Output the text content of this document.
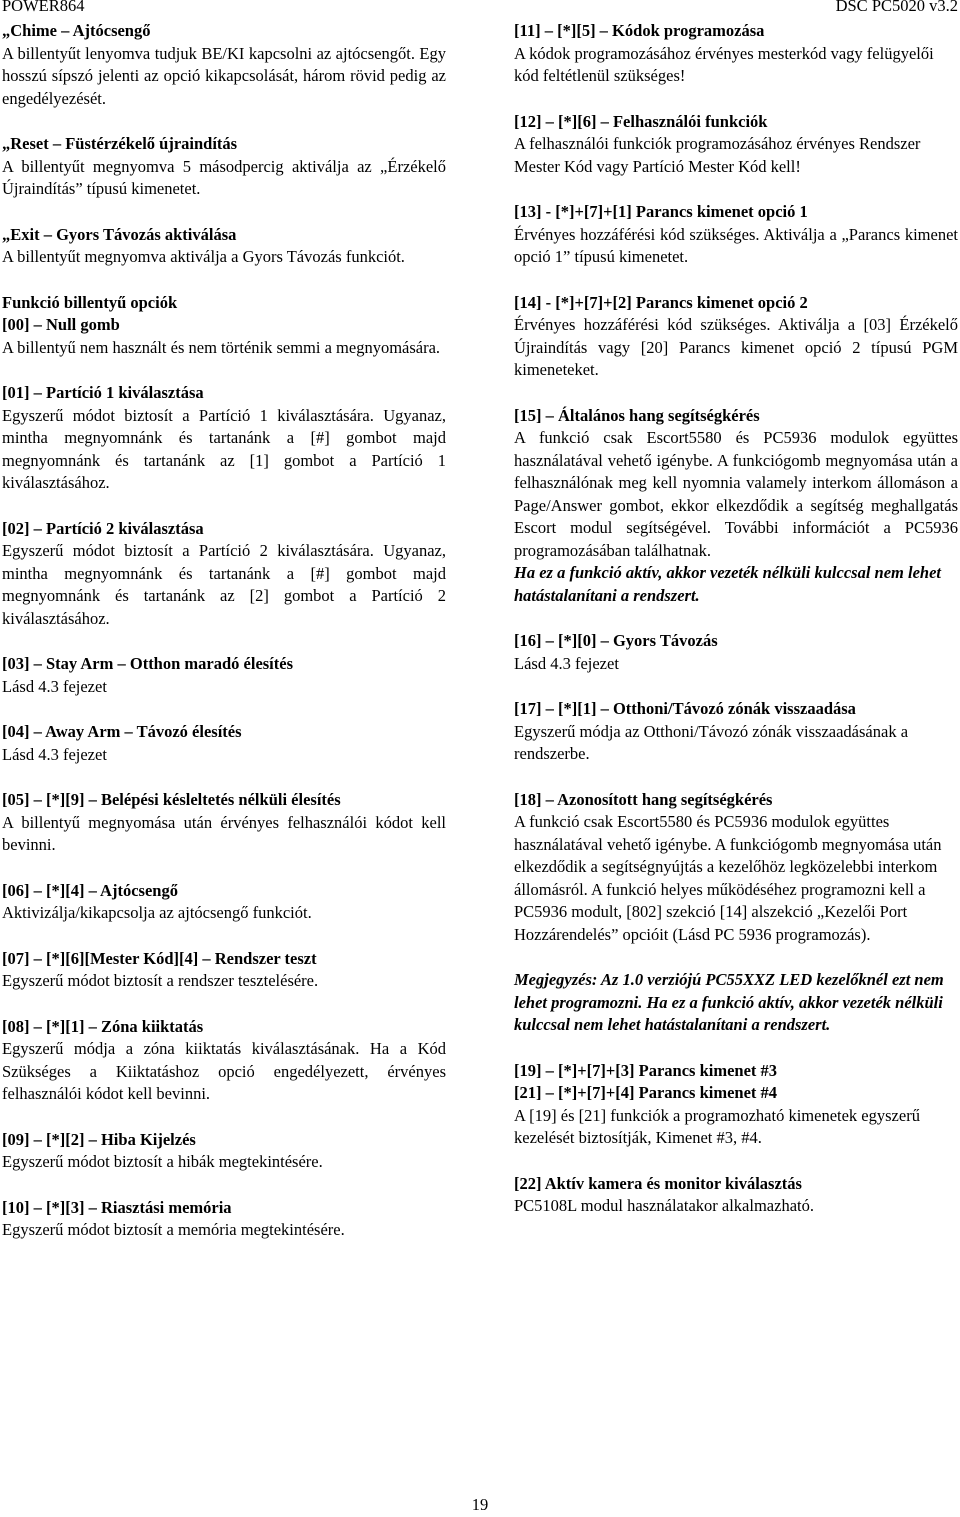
POWER864	DSC PC5020 v3.2
„Chime – Ajtócsengő
A billentyűt lenyomva tudjuk BE/KI kapcsolni az ajtócsengőt. Egy hosszú sípszó jelenti az opció kikapcsolását, három rövid pedig az engedélyezését.
„Reset – Füstérzékelő újraindítás
A billentyűt megnyomva 5 másodpercig aktiválja az „Érzékelő Újraindítás” típusú kimenetet.
„Exit – Gyors Távozás aktiválása
A billentyűt megnyomva aktiválja a Gyors Távozás funkciót.
Funkció billentyű opciók
[00] – Null gomb
A billentyű nem használt és nem történik semmi a megnyomására.
[01] – Partíció 1 kiválasztása
Egyszerű módot biztosít a Partíció 1 kiválasztására. Ugyanaz, mintha megnyomnánk és tartanánk a [#] gombot majd megnyomnánk és tartanánk az [1] gombot a Partíció 1 kiválasztásához.
[02] – Partíció 2 kiválasztása
Egyszerű módot biztosít a Partíció 2 kiválasztására. Ugyanaz, mintha megnyomnánk és tartanánk a [#] gombot majd megnyomnánk és tartanánk az [2] gombot a Partíció 2 kiválasztásához.
[03] – Stay Arm – Otthon maradó élesítés
Lásd 4.3 fejezet
[04] – Away Arm – Távozó élesítés
Lásd 4.3 fejezet
[05] – [*][9] – Belépési késleltetés nélküli élesítés
A billentyű megnyomása után érvényes felhasználói kódot kell bevinni.
[06] – [*][4] – Ajtócsengő
Aktivizálja/kikapcsolja az ajtócsengő funkciót.
[07] – [*][6][Mester Kód][4] – Rendszer teszt
Egyszerű módot biztosít a rendszer tesztelésére.
[08] – [*][1] – Zóna kiiktatás
Egyszerű módja a zóna kiiktatás kiválasztásának. Ha a Kód Szükséges a Kiiktatáshoz opció engedélyezett, érvényes felhasználói kódot kell bevinni.
[09] – [*][2] – Hiba Kijelzés
Egyszerű módot biztosít a hibák megtekintésére.
[10] – [*][3] – Riasztási memória
Egyszerű módot biztosít a memória megtekintésére.
[11] – [*][5] – Kódok programozása
A kódok programozásához érvényes mesterkód vagy felügyelői kód feltétlenül szükséges!
[12] – [*][6] – Felhasználói funkciók
A felhasználói funkciók programozásához érvényes Rendszer Mester Kód vagy Partíció Mester Kód kell!
[13] - [*]+[7]+[1] Parancs kimenet opció 1
Érvényes hozzáférési kód szükséges. Aktiválja a „Parancs kimenet opció 1” típusú kimenetet.
[14] - [*]+[7]+[2] Parancs kimenet opció 2
Érvényes hozzáférési kód szükséges. Aktiválja a [03] Érzékelő Újraindítás vagy [20] Parancs kimenet opció 2 típusú PGM kimeneteket.
[15] – Általános hang segítségkérés
A funkció csak Escort5580 és PC5936 modulok együttes használatával vehető igénybe. A funkciógomb megnyomása után a felhasználónak meg kell nyomnia valamely interkom állomáson a Page/Answer gombot, ekkor elkezdődik a segítség meghallgatás Escort modul segítségével. További információt a PC5936 programozásában találhatnak.
Ha ez a funkció aktív, akkor vezeték nélküli kulccsal nem lehet hatástalanítani a rendszert.
[16] – [*][0] – Gyors Távozás
Lásd 4.3 fejezet
[17] – [*][1] – Otthoni/Távozó zónák visszaadása
Egyszerű módja az Otthoni/Távozó zónák visszaadásának a rendszerbe.
[18] – Azonosított hang segítségkérés
A funkció csak Escort5580 és PC5936 modulok együttes használatával vehető igénybe. A funkciógomb megnyomása után elkezdődik a segítségnyújtás a kezelőhöz legközelebbi interkom állomásról. A funkció helyes működéséhez programozni kell a PC5936 modult, [802] szekció [14] alszekció „Kezelői Port Hozzárendelés” opcióit (Lásd PC 5936 programozás).
Megjegyzés: Az 1.0 verziójú PC55XXZ LED kezelőknél ezt nem lehet programozni. Ha ez a funkció aktív, akkor vezeték nélküli kulccsal nem lehet hatástalanítani a rendszert.
[19] – [*]+[7]+[3] Parancs kimenet #3
[21] – [*]+[7]+[4] Parancs kimenet #4
A [19] és [21] funkciók a programozható kimenetek egyszerű kezelését biztosítják, Kimenet #3, #4.
[22] Aktív kamera és monitor kiválasztás
PC5108L modul használatakor alkalmazható.
19
